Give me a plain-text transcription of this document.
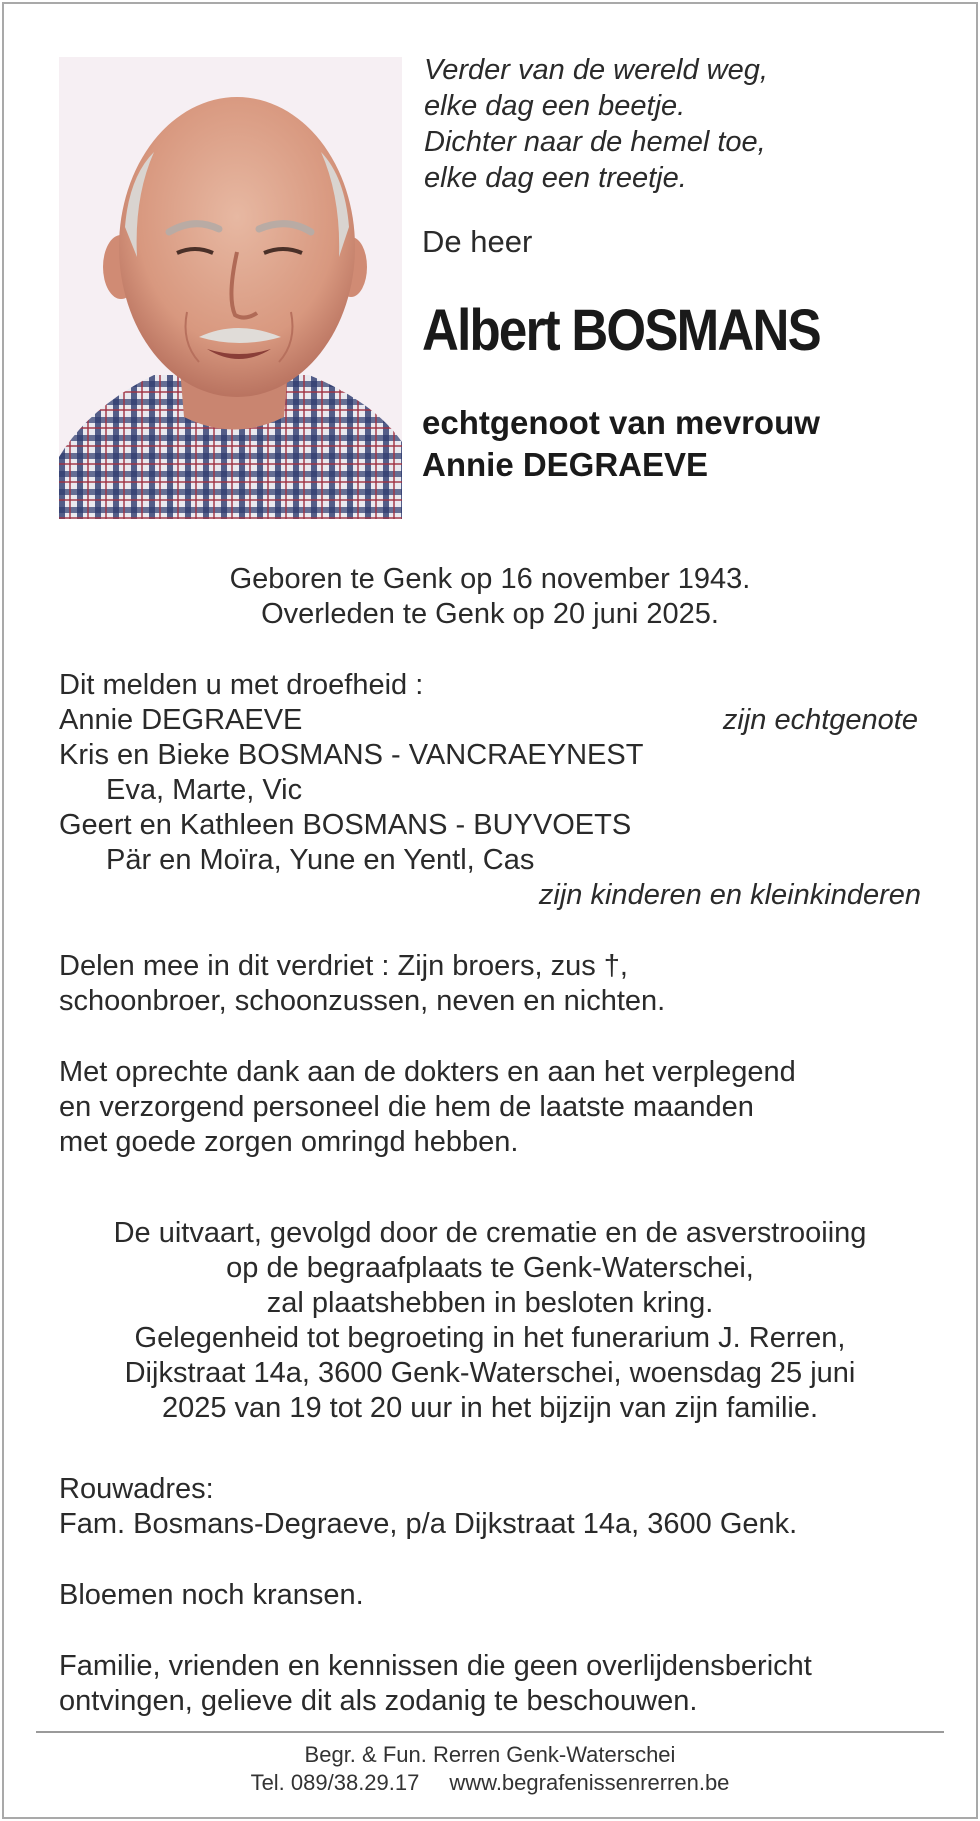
Verder van de wereld weg,
elke dag een beetje.
Dichter naar de hemel toe,
elke dag een treetje.
De heer
Albert BOSMANS
echtgenoot van mevrouw
Annie DEGRAEVE
Geboren te Genk op 16 november 1943.
Overleden te Genk op 20 juni 2025.
Dit melden u met droefheid :
Annie DEGRAEVE
Kris en Bieke BOSMANS - VANCRAEYNEST
Eva, Marte, Vic
Geert en Kathleen BOSMANS - BUYVOETS
Pär en Moïra, Yune en Yentl, Cas
zijn echtgenote
zijn kinderen en kleinkinderen
Delen mee in dit verdriet : Zijn broers, zus †,
schoonbroer, schoonzussen, neven en nichten.
Met oprechte dank aan de dokters en aan het verplegend
en verzorgend personeel die hem de laatste maanden
met goede zorgen omringd hebben.
De uitvaart, gevolgd door de crematie en de asverstrooiing
op de begraafplaats te Genk-Waterschei,
zal plaatshebben in besloten kring.
Gelegenheid tot begroeting in het funerarium J. Rerren,
Dijkstraat 14a, 3600 Genk-Waterschei, woensdag 25 juni
2025 van 19 tot 20 uur in het bijzijn van zijn familie.
Rouwadres:
Fam. Bosmans-Degraeve, p/a Dijkstraat 14a, 3600 Genk.
Bloemen noch kransen.
Familie, vrienden en kennissen die geen overlijdensbericht
ontvingen, gelieve dit als zodanig te beschouwen.
Begr. & Fun. Rerren Genk-Waterschei
Tel. 089/38.29.17 www.begrafenissenrerren.be
